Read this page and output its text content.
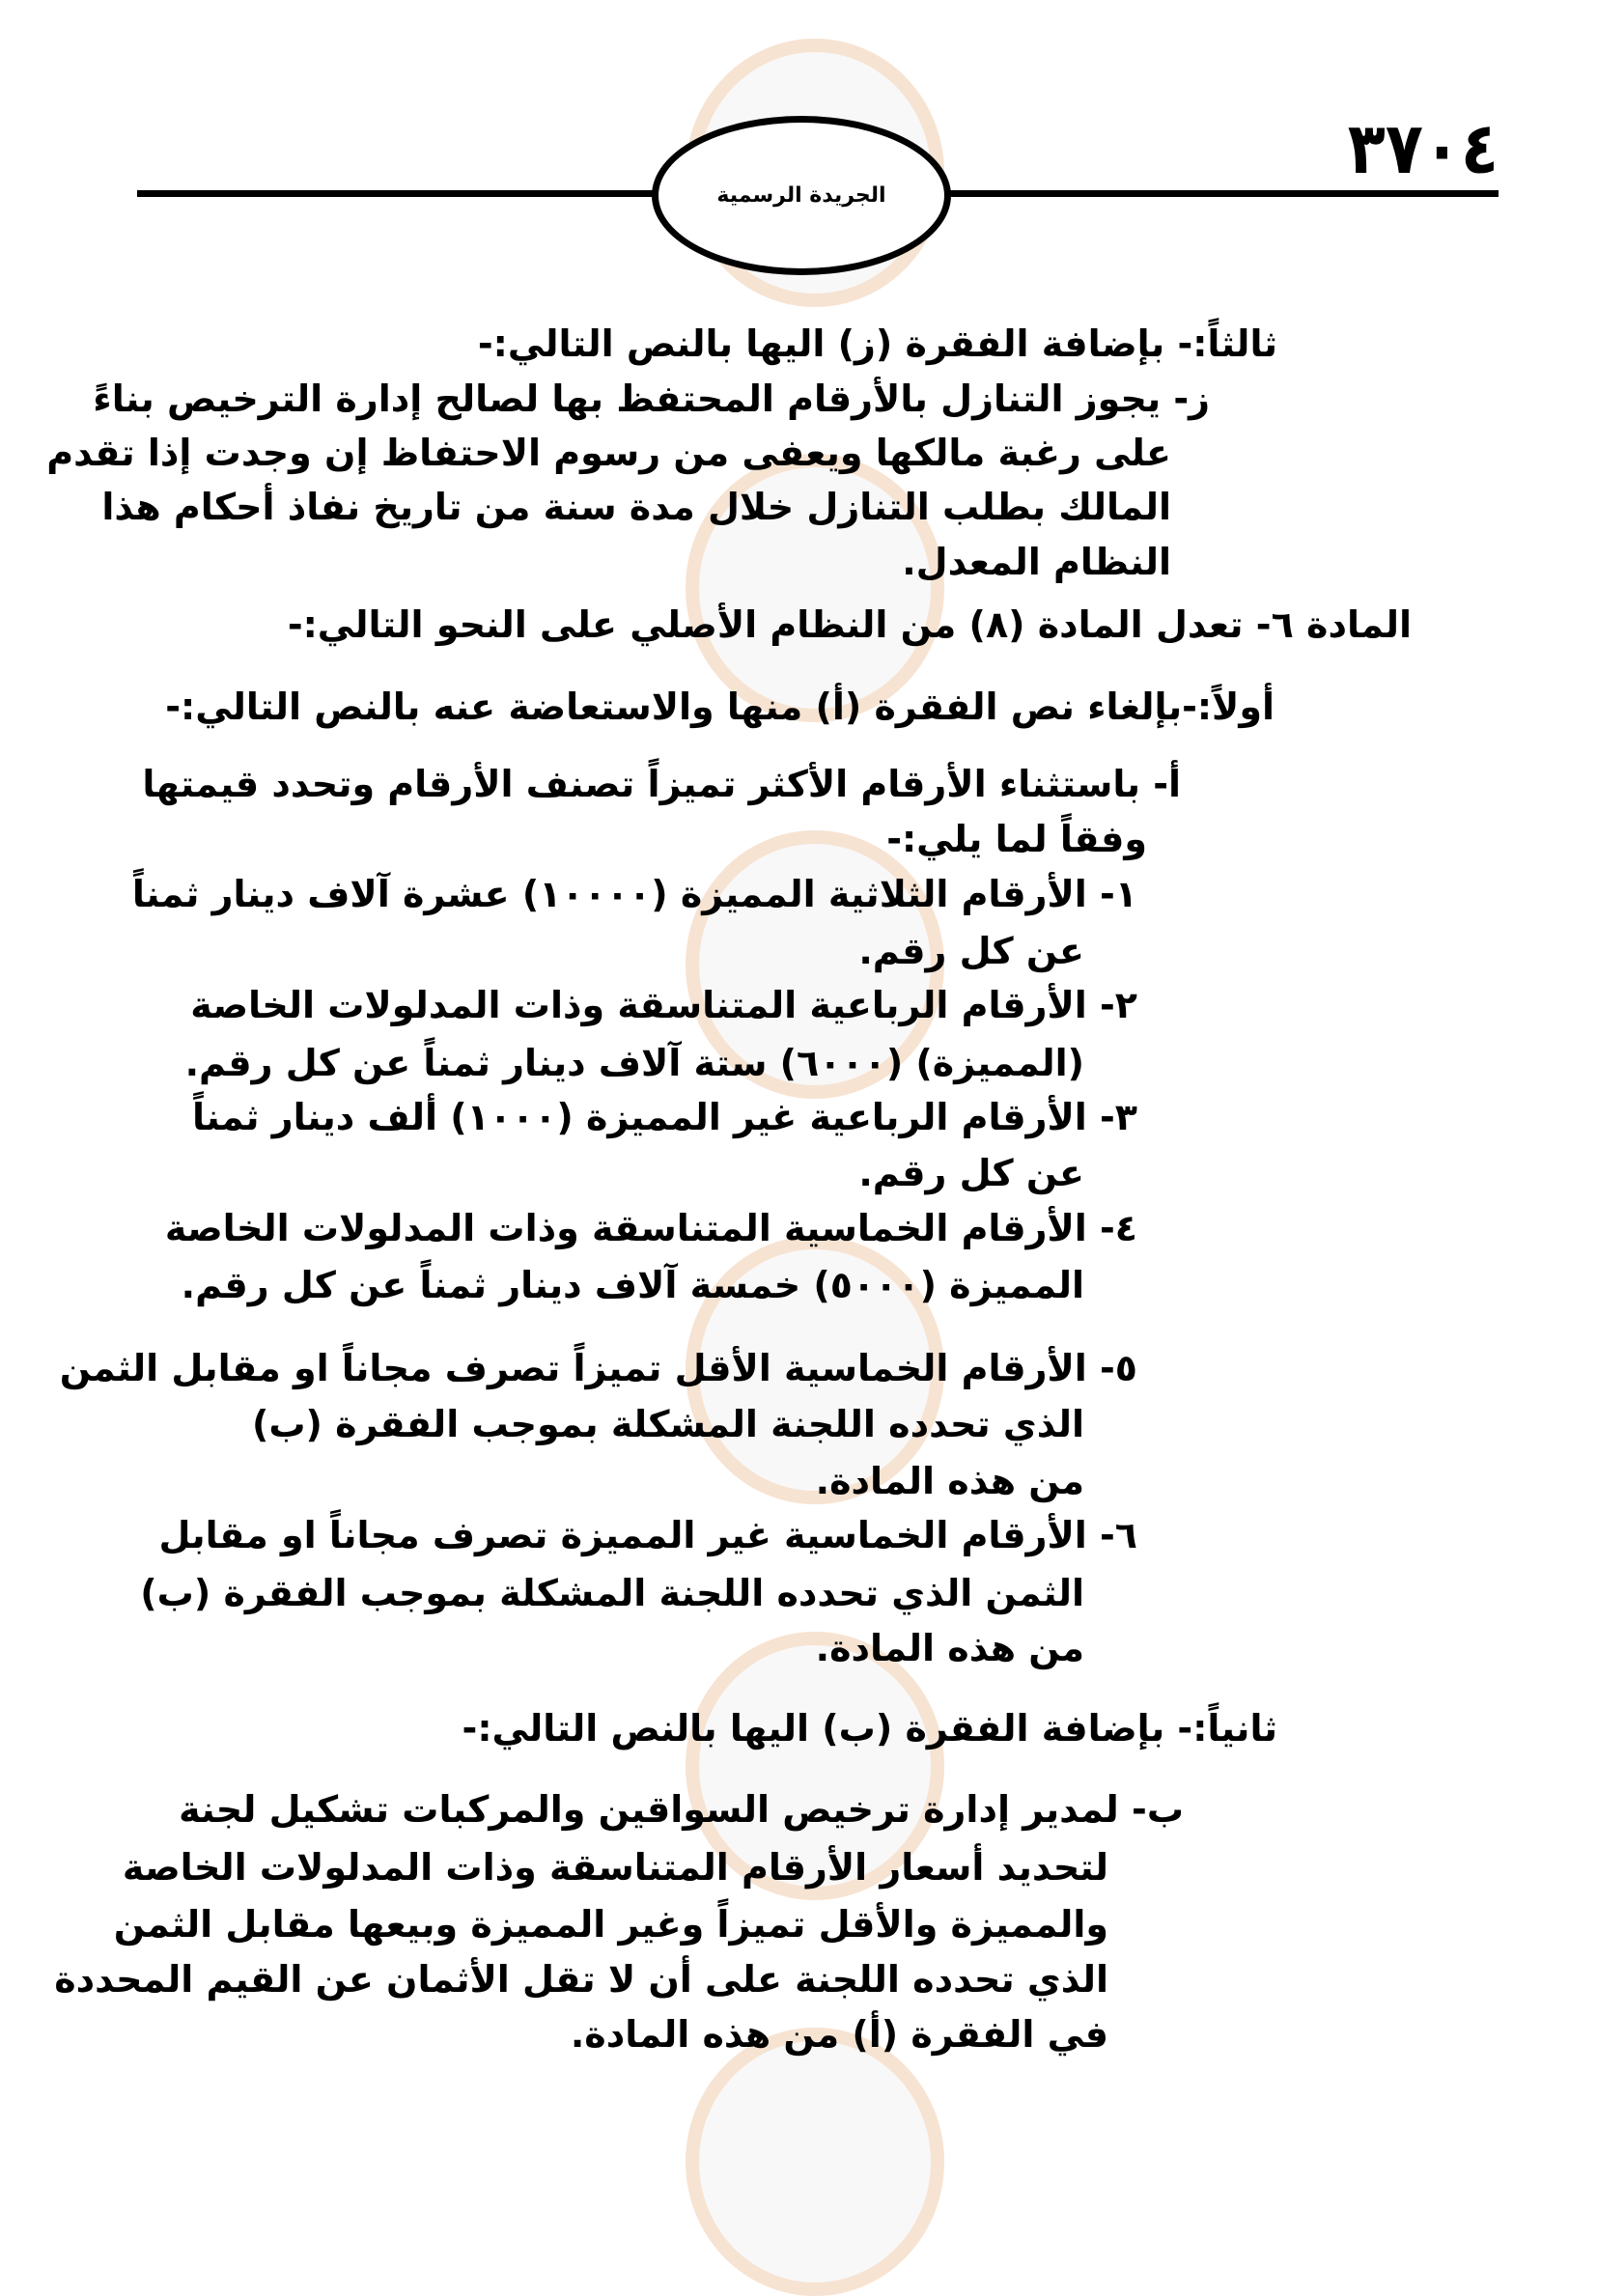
الجريدة الرسمية
٣٧٠٤
ثالثاً:- بإضافة الفقرة (ز) اليها بالنص التالي:-
ز- يجوز التنازل بالأرقام المحتفظ بها لصالح إدارة الترخيص بناءً
على رغبة مالكها ويعفى من رسوم الاحتفاظ إن وجدت إذا تقدم
المالك بطلب التنازل خلال مدة سنة من تاريخ نفاذ أحكام هذا
النظام المعدل.
المادة ٦- تعدل المادة (٨) من النظام الأصلي على النحو التالي:-
أولاً:-بإلغاء نص الفقرة (أ) منها والاستعاضة عنه بالنص التالي:-
أ- باستثناء الأرقام الأكثر تميزاً تصنف الأرقام وتحدد قيمتها
وفقاً لما يلي:-
١- الأرقام الثلاثية المميزة (١٠٠٠٠) عشرة آلاف دينار ثمناً
عن كل رقم.
٢- الأرقام الرباعية المتناسقة وذات المدلولات الخاصة
(المميزة) (٦٠٠٠) ستة آلاف دينار ثمناً عن كل رقم.
٣- الأرقام الرباعية غير المميزة (١٠٠٠) ألف دينار ثمناً
عن كل رقم.
٤- الأرقام الخماسية المتناسقة وذات المدلولات الخاصة
المميزة (٥٠٠٠) خمسة آلاف دينار ثمناً عن كل رقم.
٥- الأرقام الخماسية الأقل تميزاً تصرف مجاناً او مقابل الثمن
الذي تحدده اللجنة المشكلة بموجب الفقرة (ب)
من هذه المادة.
٦- الأرقام الخماسية غير المميزة تصرف مجاناً او مقابل
الثمن الذي تحدده اللجنة المشكلة بموجب الفقرة (ب)
من هذه المادة.
ثانياً:- بإضافة الفقرة (ب) اليها بالنص التالي:-
ب- لمدير إدارة ترخيص السواقين والمركبات تشكيل لجنة
لتحديد أسعار الأرقام المتناسقة وذات المدلولات الخاصة
والمميزة والأقل تميزاً وغير المميزة وبيعها مقابل الثمن
الذي تحدده اللجنة على أن لا تقل الأثمان عن القيم المحددة
في الفقرة (أ) من هذه المادة.
